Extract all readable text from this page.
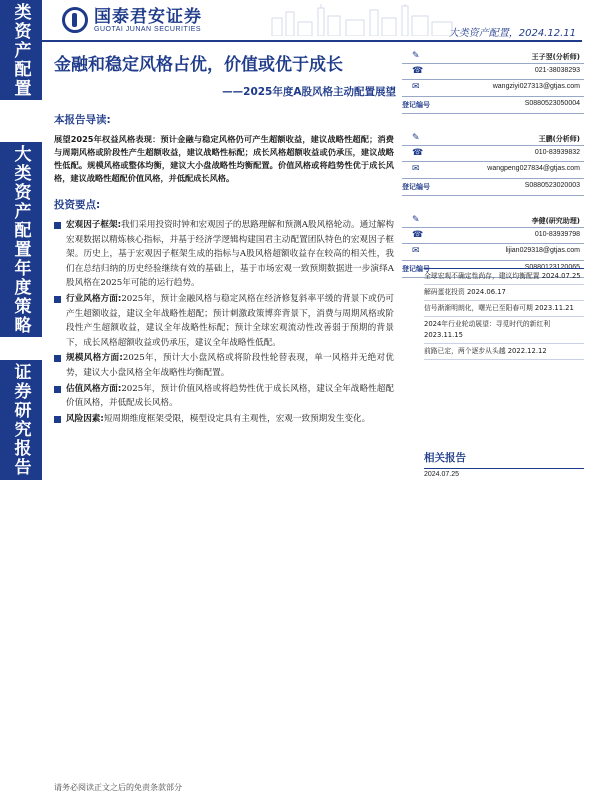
类资产配置
大类资产配置年度策略
证券研究报告
国泰君安证券
GUOTAI JUNAN SECURITIES	大类资产配置，2024.12.11
金融和稳定风格占优，价值或优于成长
——2025年度A股风格主动配置展望
本报告导读:
展望2025年权益风格表现：预计金融与稳定风格仍可产生超额收益，建议战略性超配；消费与周期风格或阶段性产生超额收益，建议战略性标配；成长风格超额收益或仍承压，建议战略性低配。规模风格或整体均衡，建议大小盘战略性均衡配置。价值风格或将趋势性优于成长风格，建议战略性超配价值风格，并低配成长风格。
投资要点:
宏观因子框架:我们采用投资时钟和宏观因子的思路理解和预测A股风格轮动。通过解构宏观数据以精炼核心指标，并基于经济学逻辑构建国君主动配置团队特色的宏观因子框架。历史上，基于宏观因子框架生成的指标与A股风格超额收益存在较高的相关性，我们在总结归纳的历史经验继续有效的基础上，基于市场宏观一致预期数据进一步演绎A股风格在2025年可能的运行趋势。
行业风格方面:2025年，预计金融风格与稳定风格在经济修复斜率平缓的背景下或仍可产生超额收益，建议全年战略性超配；预计刺激政策博弈背景下，消费与周期风格或阶段性产生超额收益，建议全年战略性标配；预计全球宏观流动性改善弱于预期的背景下，成长风格超额收益或仍承压，建议全年战略性低配。
规模风格方面:2025年，预计大小盘风格或将阶段性轮替表现，单一风格并无绝对优势，建议大小盘风格全年战略性均衡配置。
估值风格方面:2025年，预计价值风格或将趋势性优于成长风格，建议全年战略性超配价值风格，并低配成长风格。
风险因素:短周期维度框架受限，模型设定具有主观性，宏观一致预期发生变化。
✎	王子翌(分析师)
☎	021-38038293
✉	wangziyi027313@gtjas.com
登记编号	S0880523050004
✎	王鹏(分析师)
☎	010-83939832
✉	wangpeng027834@gtjas.com
登记编号	S0880523020003
✎	李健(研究助理)
☎	010-83939798
✉	lijian029318@gtjas.com
登记编号	S0880123120065
全球宏观不确定性尚存，建议均衡配置 2024.07.25
解码蛋花投资 2024.06.17
信号渐渐明朗化，曙光已至阳春可期 2023.11.21
2024年行业轮动展望：寻觅时代的新红利 2023.11.15
前路已定，两个逐步从头越 2022.12.12
相关报告
2024.07.25
请务必阅读正文之后的免责条款部分
